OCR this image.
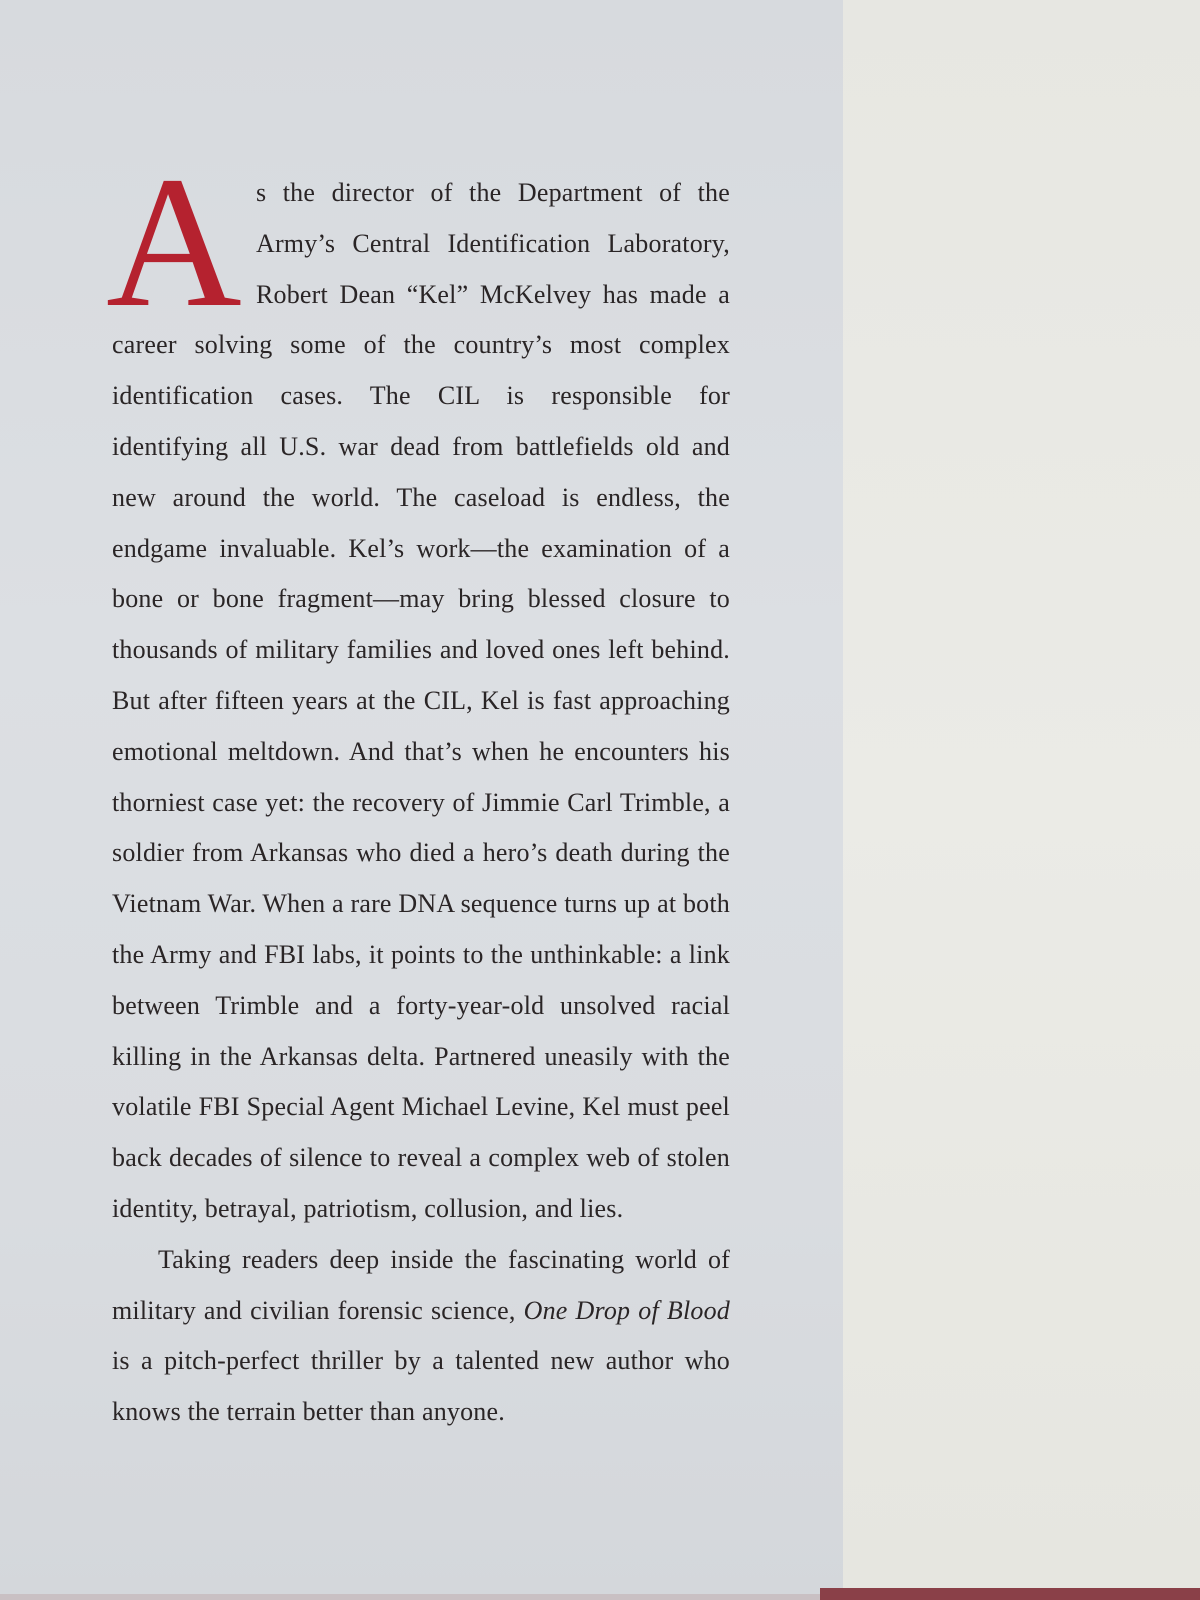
As the director of the Department of the Army’s Central Identification Laboratory, Robert Dean “Kel” McKelvey has made a career solving some of the country’s most complex identification cases. The CIL is responsible for identifying all U.S. war dead from battlefields old and new around the world. The caseload is endless, the endgame invaluable. Kel’s work—the examination of a bone or bone fragment—may bring blessed closure to thousands of military families and loved ones left behind. But after fifteen years at the CIL, Kel is fast approaching emotional meltdown. And that’s when he encounters his thorniest case yet: the recovery of Jimmie Carl Trimble, a soldier from Arkansas who died a hero’s death during the Vietnam War. When a rare DNA sequence turns up at both the Army and FBI labs, it points to the unthinkable: a link between Trimble and a forty-year-old unsolved racial killing in the Arkansas delta. Partnered uneasily with the volatile FBI Special Agent Michael Levine, Kel must peel back decades of silence to reveal a complex web of stolen identity, betrayal, patriotism, collusion, and lies.

Taking readers deep inside the fascinating world of military and civilian forensic science, One Drop of Blood is a pitch-perfect thriller by a talented new author who knows the terrain better than anyone.
